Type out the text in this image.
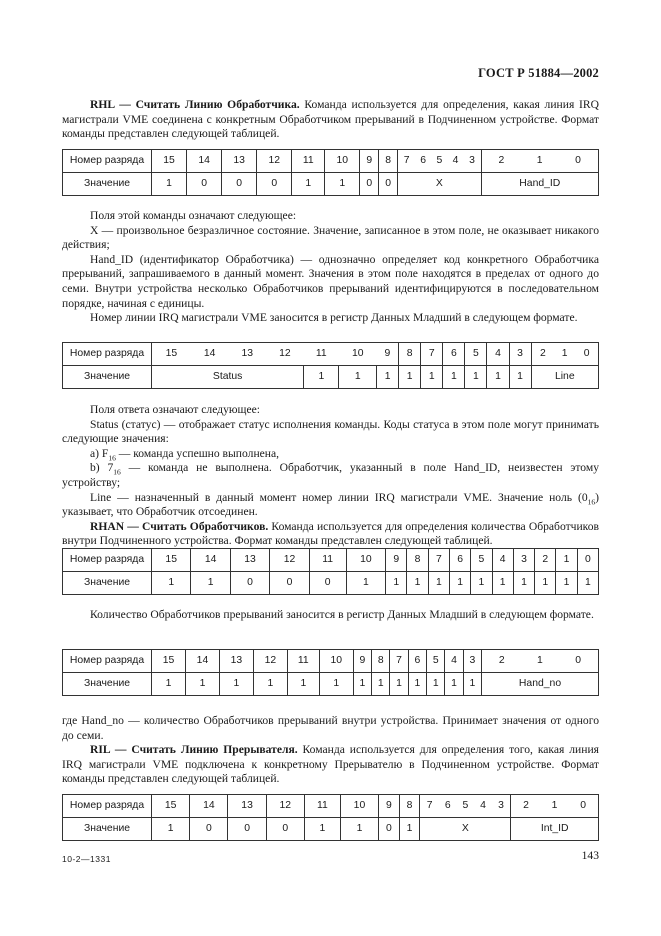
ГОСТ Р 51884—2002

RHL — Считать Линию Обработчика. Команда используется для определения, какая линия IRQ магистрали VME соединена с конкретным Обработчиком прерываний в Подчиненном устройстве. Формат команды представлен следующей таблицей.

Номер разряда	15	14	13	12	11	10	9	8	7	6	5	4	3	2	1	0
Значение	1	0	0	0	1	1	0	0	X					Hand_ID		

Поля этой команды означают следующее:

X — произвольное безразличное состояние. Значение, записанное в этом поле, не оказывает никакого действия;

Hand_ID (идентификатор Обработчика) — однозначно определяет код конкретного Обработчика прерываний, запрашиваемого в данный момент. Значения в этом поле находятся в пределах от одного до семи. Внутри устройства несколько Обработчиков прерываний идентифицируются в последовательном порядке, начиная с единицы.

Номер линии IRQ магистрали VME заносится в регистр Данных Младший в следующем формате.

Номер разряда	15	14	13	12	11	10	9	8	7	6	5	4	3	2	1	0
Значение	Status				1	1	1	1	1	1	1	1	1	Line		

Поля ответа означают следующее:

Status (статус) — отображает статус исполнения команды. Коды статуса в этом поле могут принимать следующие значения:

a) $F_{16}$ — команда успешно выполнена,

b) $7_{16}$ — команда не выполнена. Обработчик, указанный в поле Hand_ID, неизвестен этому устройству;

Line — назначенный в данный момент номер линии IRQ магистрали VME. Значение ноль $(0_{16})$ указывает, что Обработчик отсоединен.

RHAN — Считать Обработчиков. Команда используется для определения количества Обработчиков внутри Подчиненного устройства. Формат команды представлен следующей таблицей.

Номер разряда	15	14	13	12	11	10	9	8	7	6	5	4	3	2	1	0
Значение	1	1	0	0	0	1	1	1	1	1	1	1	1	1	1	1

Количество Обработчиков прерываний заносится в регистр Данных Младший в следующем формате.

Номер разряда	15	14	13	12	11	10	9	8	7	6	5	4	3	2	1	0
Значение	1	1	1	1	1	1	1	1	1	1	1	1	1	Hand_no		

где Hand_no — количество Обработчиков прерываний внутри устройства. Принимает значения от одного до семи.

RIL — Считать Линию Прерывателя. Команда используется для определения того, какая линия IRQ магистрали VME подключена к конкретному Прерывателю в Подчиненном устройстве. Формат команды представлен следующей таблицей.

Номер разряда	15	14	13	12	11	10	9	8	7	6	5	4	3	2	1	0
Значение	1	0	0	0	1	1	0	1	X					Int_ID		
10-2—1331	143
